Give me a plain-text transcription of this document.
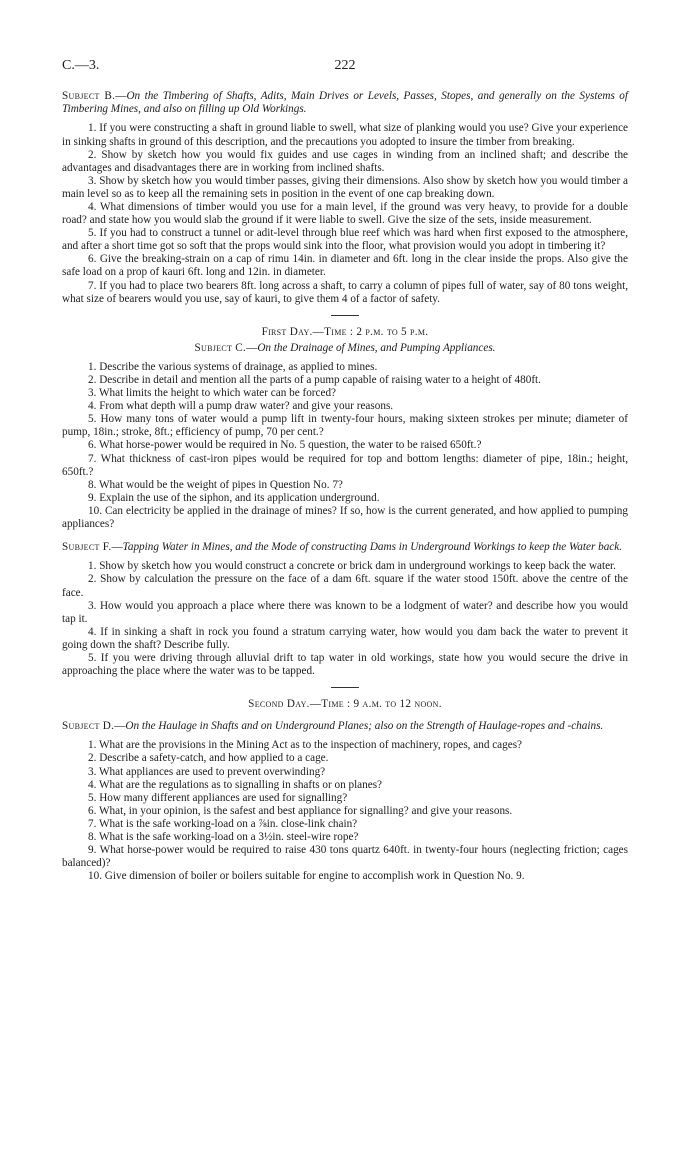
C.—3.	222
Subject B.—On the Timbering of Shafts, Adits, Main Drives or Levels, Passes, Stopes, and generally on the Systems of Timbering Mines, and also on filling up Old Workings.

1. If you were constructing a shaft in ground liable to swell, what size of planking would you use? Give your experience in sinking shafts in ground of this description, and the precautions you adopted to insure the timber from breaking.

2. Show by sketch how you would fix guides and use cages in winding from an inclined shaft; and describe the advantages and disadvantages there are in working from inclined shafts.

3. Show by sketch how you would timber passes, giving their dimensions. Also show by sketch how you would timber a main level so as to keep all the remaining sets in position in the event of one cap breaking down.

4. What dimensions of timber would you use for a main level, if the ground was very heavy, to provide for a double road? and state how you would slab the ground if it were liable to swell. Give the size of the sets, inside measurement.

5. If you had to construct a tunnel or adit-level through blue reef which was hard when first exposed to the atmosphere, and after a short time got so soft that the props would sink into the floor, what provision would you adopt in timbering it?

6. Give the breaking-strain on a cap of rimu 14in. in diameter and 6ft. long in the clear inside the props. Also give the safe load on a prop of kauri 6ft. long and 12in. in diameter.

7. If you had to place two bearers 8ft. long across a shaft, to carry a column of pipes full of water, say of 80 tons weight, what size of bearers would you use, say of kauri, to give them 4 of a factor of safety.

First Day.—Time : 2 p.m. to 5 p.m.
Subject C.—On the Drainage of Mines, and Pumping Appliances.

1. Describe the various systems of drainage, as applied to mines.

2. Describe in detail and mention all the parts of a pump capable of raising water to a height of 480ft.

3. What limits the height to which water can be forced?

4. From what depth will a pump draw water? and give your reasons.

5. How many tons of water would a pump lift in twenty-four hours, making sixteen strokes per minute; diameter of pump, 18in.; stroke, 8ft.; efficiency of pump, 70 per cent.?

6. What horse-power would be required in No. 5 question, the water to be raised 650ft.?

7. What thickness of cast-iron pipes would be required for top and bottom lengths: diameter of pipe, 18in.; height, 650ft.?

8. What would be the weight of pipes in Question No. 7?

9. Explain the use of the siphon, and its application underground.

10. Can electricity be applied in the drainage of mines? If so, how is the current generated, and how applied to pumping appliances?

Subject F.—Tapping Water in Mines, and the Mode of constructing Dams in Underground Workings to keep the Water back.

1. Show by sketch how you would construct a concrete or brick dam in underground workings to keep back the water.

2. Show by calculation the pressure on the face of a dam 6ft. square if the water stood 150ft. above the centre of the face.

3. How would you approach a place where there was known to be a lodgment of water? and describe how you would tap it.

4. If in sinking a shaft in rock you found a stratum carrying water, how would you dam back the water to prevent it going down the shaft? Describe fully.

5. If you were driving through alluvial drift to tap water in old workings, state how you would secure the drive in approaching the place where the water was to be tapped.

Second Day.—Time : 9 a.m. to 12 noon.
Subject D.—On the Haulage in Shafts and on Underground Planes; also on the Strength of Haulage-ropes and -chains.

1. What are the provisions in the Mining Act as to the inspection of machinery, ropes, and cages?

2. Describe a safety-catch, and how applied to a cage.

3. What appliances are used to prevent overwinding?

4. What are the regulations as to signalling in shafts or on planes?

5. How many different appliances are used for signalling?

6. What, in your opinion, is the safest and best appliance for signalling? and give your reasons.

7. What is the safe working-load on a ⅞in. close-link chain?

8. What is the safe working-load on a 3½in. steel-wire rope?

9. What horse-power would be required to raise 430 tons quartz 640ft. in twenty-four hours (neglecting friction; cages balanced)?

10. Give dimension of boiler or boilers suitable for engine to accomplish work in Question No. 9.
